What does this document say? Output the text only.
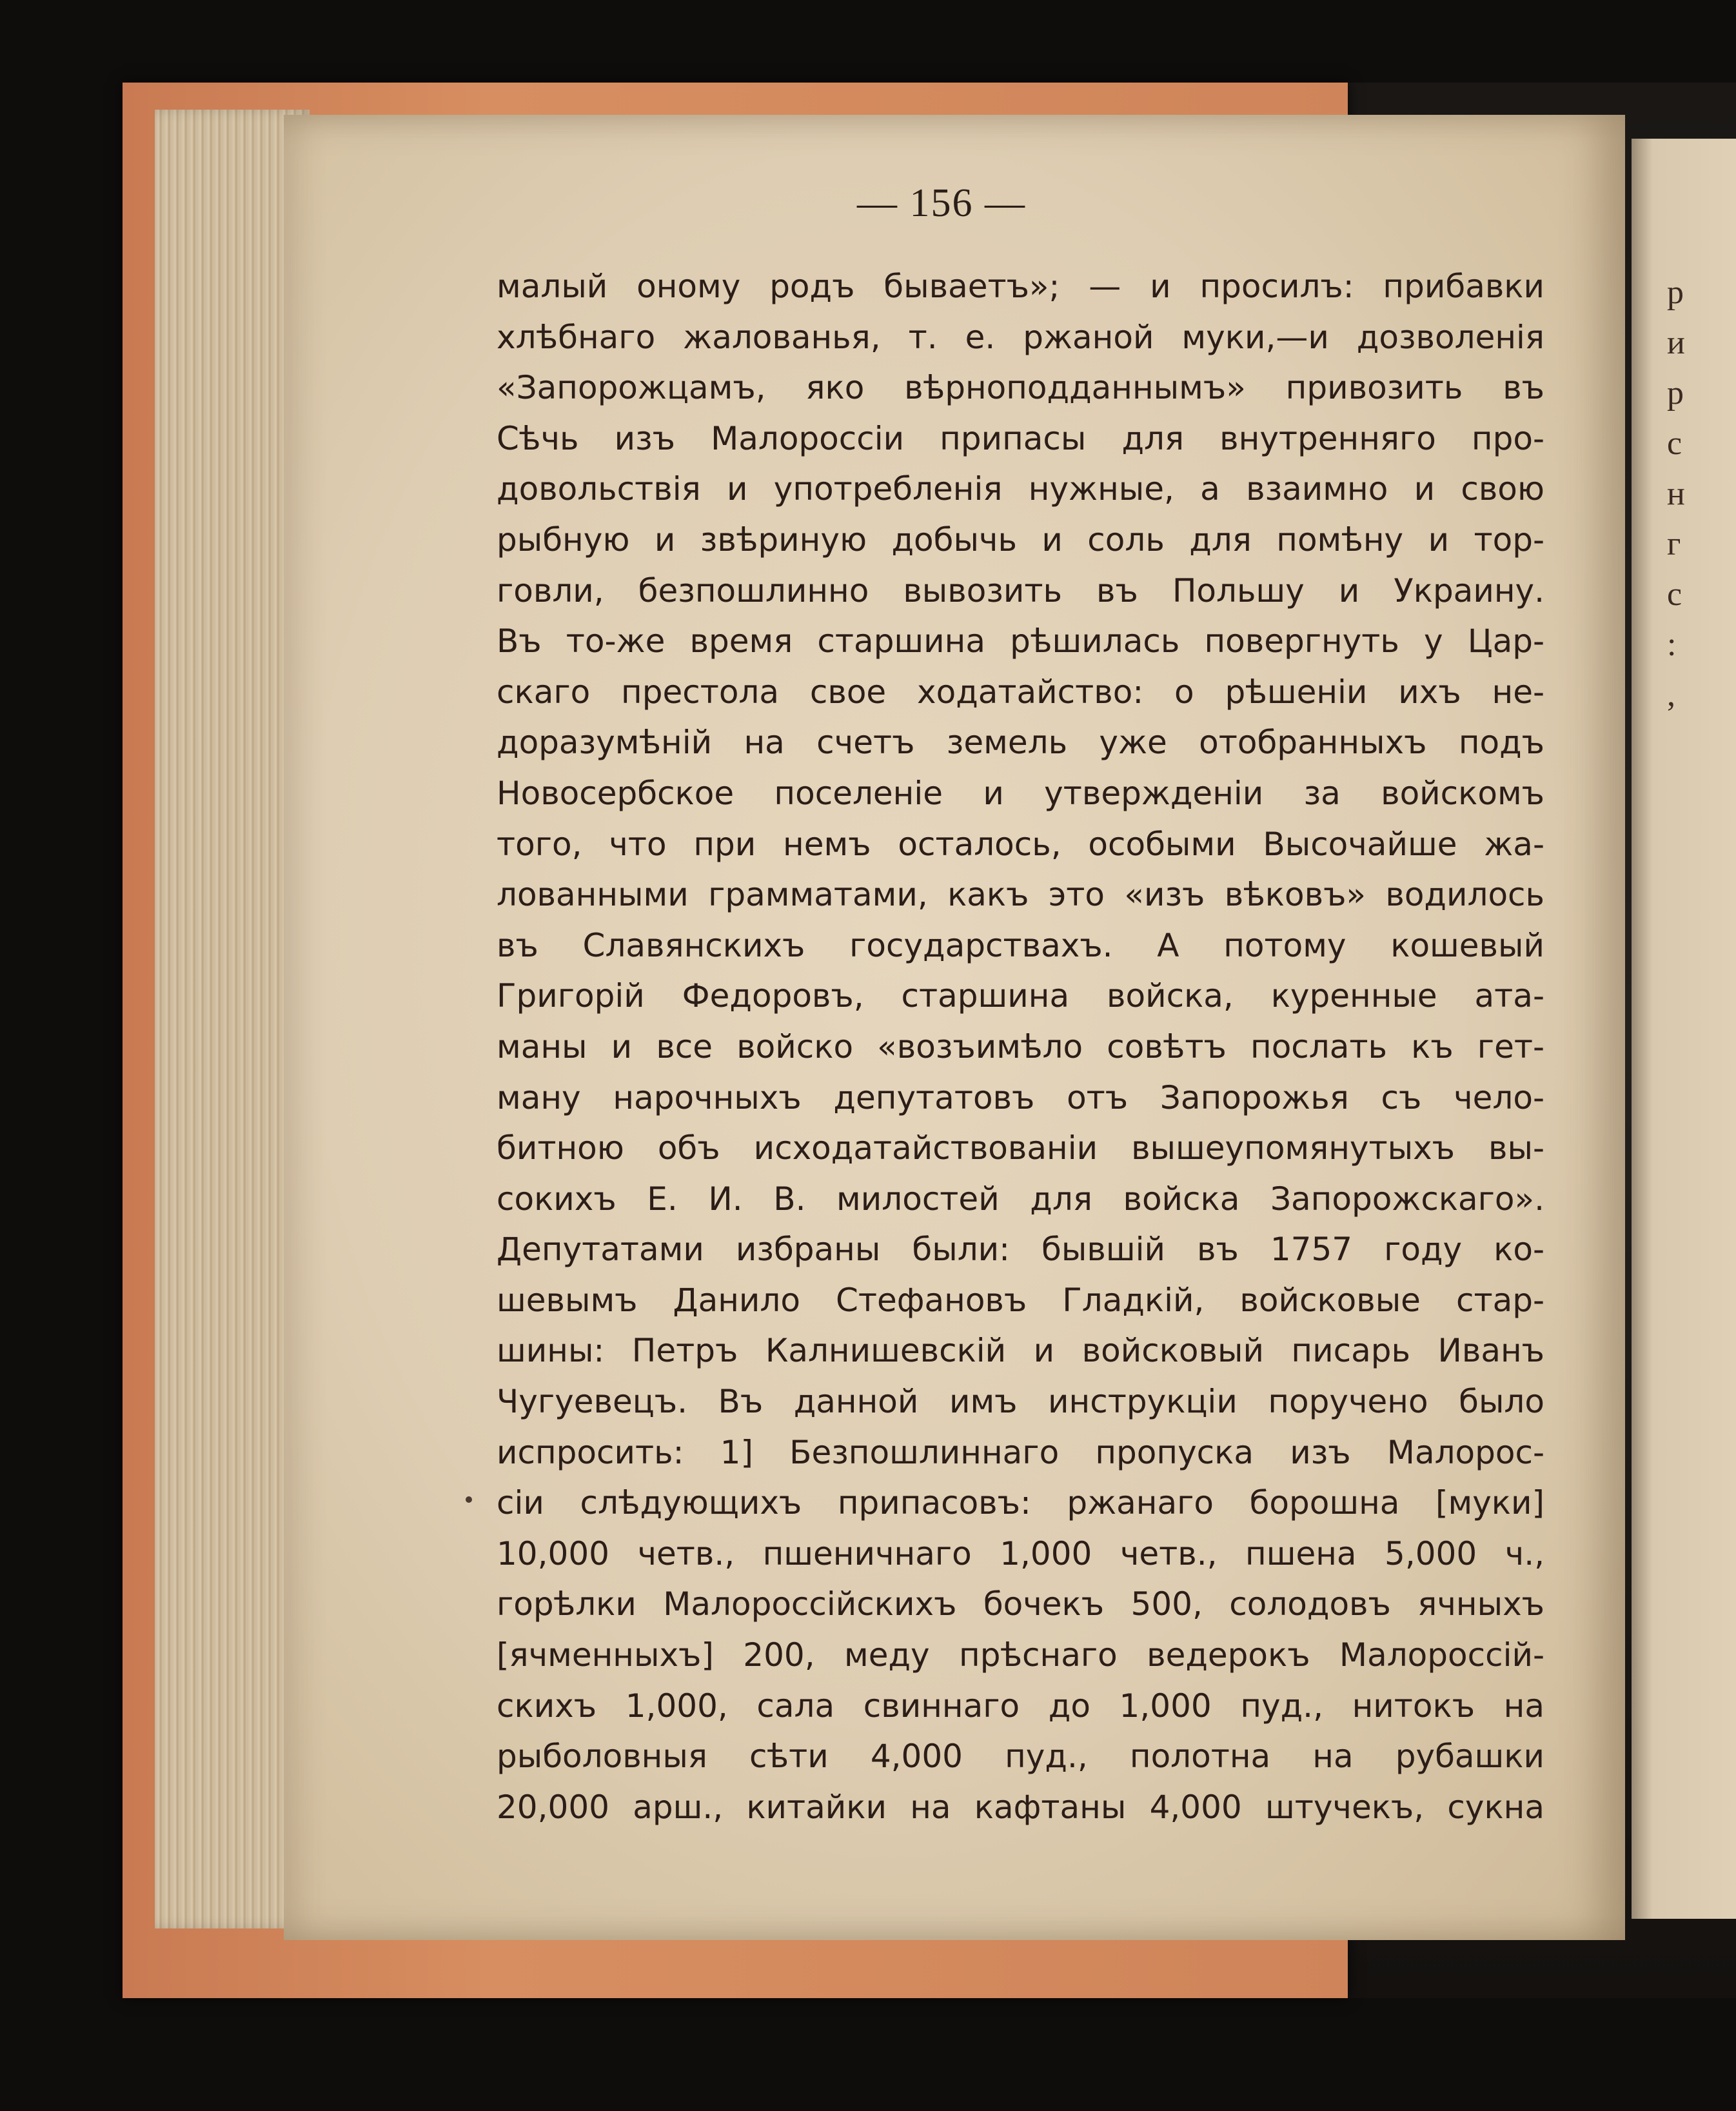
р
и
р
с
н
г
с
:
,
— 156 —
малый оному родъ бываетъ»; — и просилъ: прибавки
хлѣбнаго жалованья, т. е. ржаной муки,—и дозволенія
«Запорожцамъ, яко вѣрноподданнымъ» привозить въ
Сѣчь изъ Малороссіи припасы для внутренняго про-
довольствія и употребленія нужные, а взаимно и свою
рыбную и звѣриную добычь и соль для помѣну и тор-
говли, безпошлинно вывозить въ Польшу и Украину.
Въ то-же время старшина рѣшилась повергнуть у Цар-
скаго престола свое ходатайство: о рѣшеніи ихъ не-
доразумѣній на счетъ земель уже отобранныхъ подъ
Новосербское поселеніе и утвержденіи за войскомъ
того, что при немъ осталось, особыми Высочайше жа-
лованными грамматами, какъ это «изъ вѣковъ» водилось
въ Славянскихъ государствахъ. А потому кошевый
Григорій Федоровъ, старшина войска, куренные ата-
маны и все войско «возъимѣло совѣтъ послать къ гет-
ману нарочныхъ депутатовъ отъ Запорожья съ чело-
битною объ исходатайствованіи вышеупомянутыхъ вы-
сокихъ Е. И. В. милостей для войска Запорожскаго».
Депутатами избраны были: бывшій въ 1757 году ко-
шевымъ Данило Стефановъ Гладкій, войсковые стар-
шины: Петръ Калнишевскій и войсковый писарь Иванъ
Чугуевецъ. Въ данной имъ инструкціи поручено было
испросить: 1] Безпошлиннаго пропуска изъ Малорос-
сіи слѣдующихъ припасовъ: ржанаго борошна [муки]
10,000 четв., пшеничнаго 1,000 четв., пшена 5,000 ч.,
горѣлки Малороссійскихъ бочекъ 500, солодовъ ячныхъ
[ячменныхъ] 200, меду прѣснаго ведерокъ Малороссій-
скихъ 1,000, сала свиннаго до 1,000 пуд., нитокъ на
рыболовныя сѣти 4,000 пуд., полотна на рубашки
20,000 арш., китайки на кафтаны 4,000 штучекъ, сукна
